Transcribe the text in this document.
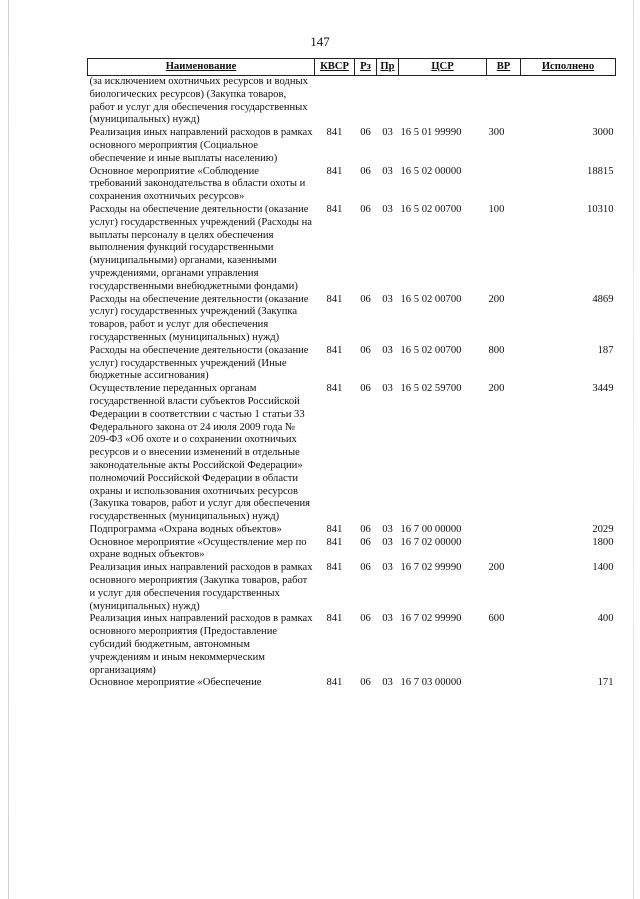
147
Наименование	КВСР	Рз	Пр	ЦСР	ВР	Исполнено
(за исключением охотничьих ресурсов и водных биологических ресурсов) (Закупка товаров, работ и услуг для обеспечения государственных (муниципальных) нужд)						
Реализация иных направлений расходов в рамках основного мероприятия (Социальное обеспечение и иные выплаты населению)	841	06	03	16 5 01 99990	300	3000
Основное мероприятие «Соблюдение требований законодательства в области охоты и сохранения охотничьих ресурсов»	841	06	03	16 5 02 00000		18815
Расходы на обеспечение деятельности (оказание услуг) государственных учреждений (Расходы на выплаты персоналу в целях обеспечения выполнения функций государственными (муниципальными) органами, казенными учреждениями, органами управления государственными внебюджетными фондами)	841	06	03	16 5 02 00700	100	10310
Расходы на обеспечение деятельности (оказание услуг) государственных учреждений (Закупка товаров, работ и услуг для обеспечения государственных (муниципальных) нужд)	841	06	03	16 5 02 00700	200	4869
Расходы на обеспечение деятельности (оказание услуг) государственных учреждений (Иные бюджетные ассигнования)	841	06	03	16 5 02 00700	800	187
Осуществление переданных органам государственной власти субъектов Российской Федерации в соответствии с частью 1 статьи 33 Федерального закона от 24 июля 2009 года № 209-ФЗ «Об охоте и о сохранении охотничьих ресурсов и о внесении изменений в отдельные законодательные акты Российской Федерации» полномочий Российской Федерации в области охраны и использования охотничьих ресурсов (Закупка товаров, работ и услуг для обеспечения государственных (муниципальных) нужд)	841	06	03	16 5 02 59700	200	3449
Подпрограмма «Охрана водных объектов»	841	06	03	16 7 00 00000		2029
Основное мероприятие «Осуществление мер по охране водных объектов»	841	06	03	16 7 02 00000		1800
Реализация иных направлений расходов в рамках основного мероприятия (Закупка товаров, работ и услуг для обеспечения государственных (муниципальных) нужд)	841	06	03	16 7 02 99990	200	1400
Реализация иных направлений расходов в рамках основного мероприятия (Предоставление субсидий бюджетным, автономным учреждениям и иным некоммерческим организациям)	841	06	03	16 7 02 99990	600	400
Основное мероприятие «Обеспечение	841	06	03	16 7 03 00000		171
